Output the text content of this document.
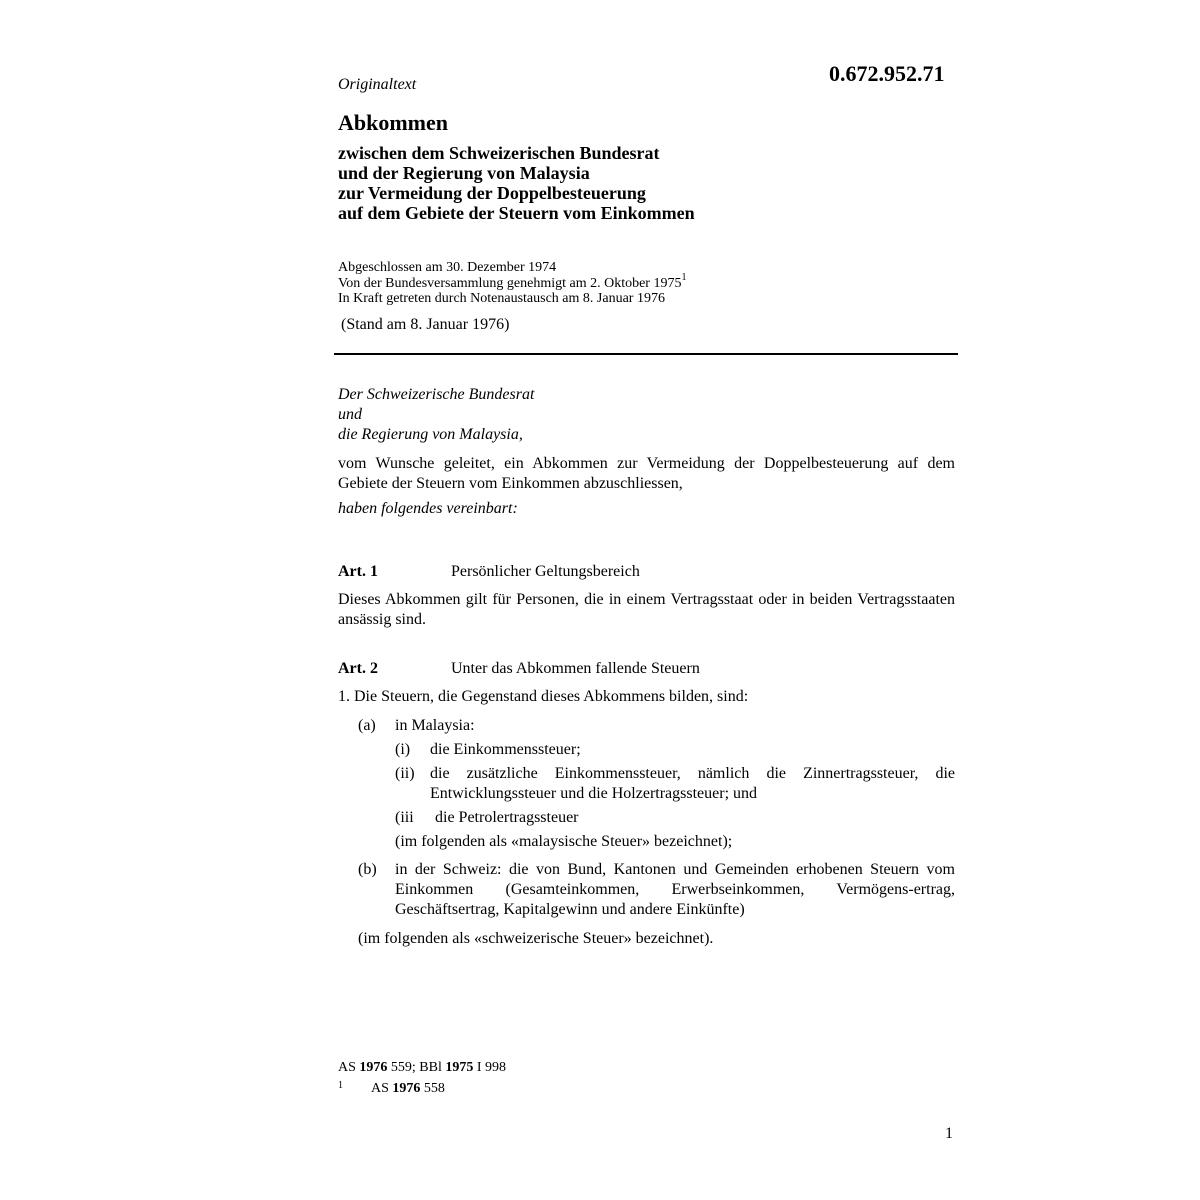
0.672.952.71
Originaltext
Abkommen
zwischen dem Schweizerischen Bundesrat
und der Regierung von Malaysia
zur Vermeidung der Doppelbesteuerung
auf dem Gebiete der Steuern vom Einkommen
Abgeschlossen am 30. Dezember 1974
Von der Bundesversammlung genehmigt am 2. Oktober 1975$^1$
In Kraft getreten durch Notenaustausch am 8. Januar 1976
(Stand am 8. Januar 1976)
Der Schweizerische Bundesrat
und
die Regierung von Malaysia,
vom Wunsche geleitet, ein Abkommen zur Vermeidung der Doppelbesteuerung auf dem Gebiete der Steuern vom Einkommen abzuschliessen,
haben folgendes vereinbart:
Art. 1	Persönlicher Geltungsbereich
Dieses Abkommen gilt für Personen, die in einem Vertragsstaat oder in beiden Vertragsstaaten ansässig sind.
Art. 2	Unter das Abkommen fallende Steuern
1. Die Steuern, die Gegenstand dieses Abkommens bilden, sind:
(a) in Malaysia:
(i) die Einkommenssteuer;
(ii) die zusätzliche Einkommenssteuer, nämlich die Zinnertragssteuer, die Entwicklungssteuer und die Holzertragssteuer; und
(iii die Petrolertragssteuer
(im folgenden als «malaysische Steuer» bezeichnet);
(b) in der Schweiz: die von Bund, Kantonen und Gemeinden erhobenen Steuern vom Einkommen (Gesamteinkommen, Erwerbseinkommen, Vermögens-ertrag, Geschäftsertrag, Kapitalgewinn und andere Einkünfte)
(im folgenden als «schweizerische Steuer» bezeichnet).
AS 1976 559; BBl 1975 I 998
1 AS 1976 558
1
